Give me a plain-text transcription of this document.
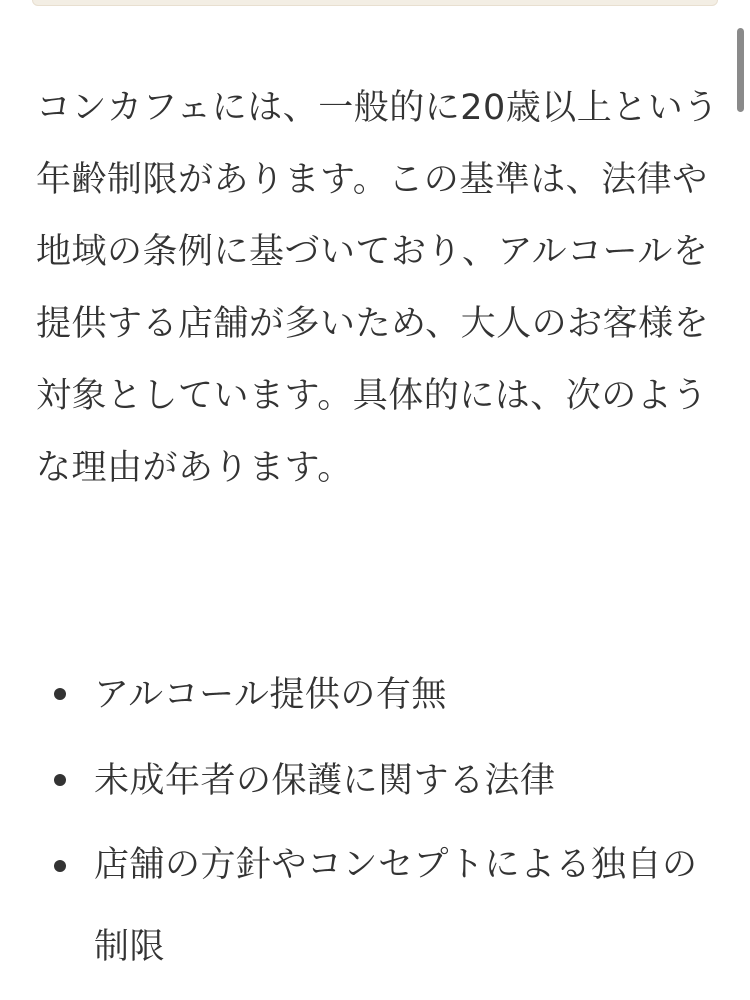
コンカフェには、一般的に20歳以上という年齢制限があります。この基準は、法律や地域の条例に基づいており、アルコールを提供する店舗が多いため、大人のお客様を対象としています。具体的には、次のような理由があります。

アルコール提供の有無
未成年者の保護に関する法律
店舗の方針やコンセプトによる独自の制限
